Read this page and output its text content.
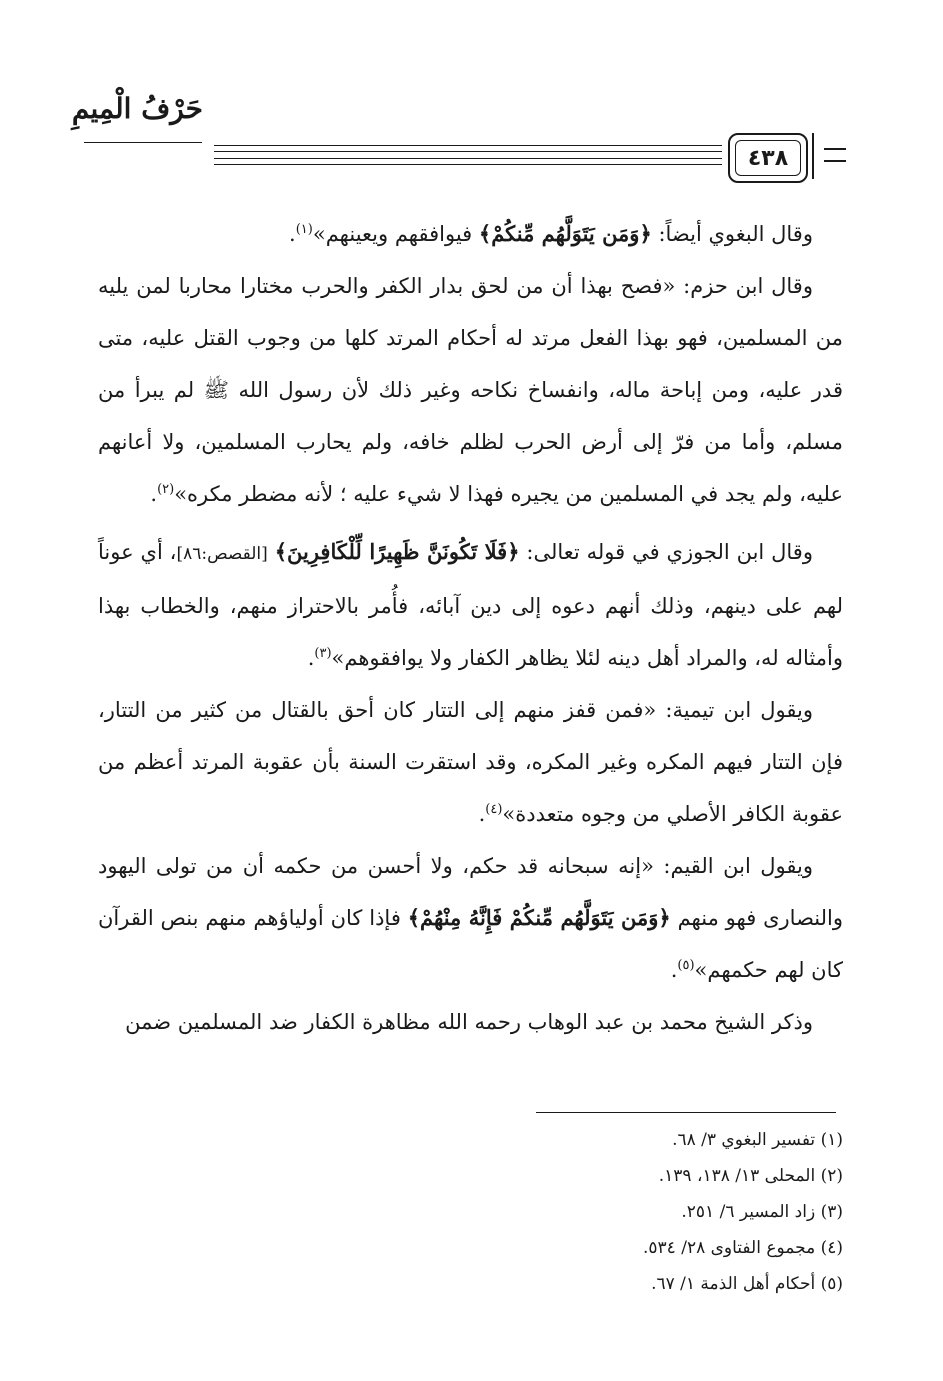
حَرْفُ الْمِيمِ
٤٣٨

وقال البغوي أيضاً: ﴿وَمَن يَتَوَلَّهُم مِّنكُمْ﴾ فيوافقهم ويعينهم»$^{(١)}$.

وقال ابن حزم: «فصح بهذا أن من لحق بدار الكفر والحرب مختارا محاربا لمن يليه من المسلمين، فهو بهذا الفعل مرتد له أحكام المرتد كلها من وجوب القتل عليه، متى قدر عليه، ومن إباحة ماله، وانفساخ نكاحه وغير ذلك لأن رسول الله ﷺ لم يبرأ من مسلم، وأما من فرّ إلى أرض الحرب لظلم خافه، ولم يحارب المسلمين، ولا أعانهم عليه، ولم يجد في المسلمين من يجيره فهذا لا شيء عليه ؛ لأنه مضطر مكره»$^{(٢)}$.

وقال ابن الجوزي في قوله تعالى: ﴿فَلَا تَكُونَنَّ ظَهِيرًا لِّلْكَافِرِينَ﴾ [القصص:٨٦]، أي عوناً لهم على دينهم، وذلك أنهم دعوه إلى دين آبائه، فأُمر بالاحتراز منهم، والخطاب بهذا وأمثاله له، والمراد أهل دينه لئلا يظاهر الكفار ولا يوافقوهم»$^{(٣)}$.

ويقول ابن تيمية: «فمن قفز منهم إلى التتار كان أحق بالقتال من كثير من التتار، فإن التتار فيهم المكره وغير المكره، وقد استقرت السنة بأن عقوبة المرتد أعظم من عقوبة الكافر الأصلي من وجوه متعددة»$^{(٤)}$.

ويقول ابن القيم: «إنه سبحانه قد حكم، ولا أحسن من حكمه أن من تولى اليهود والنصارى فهو منهم ﴿وَمَن يَتَوَلَّهُم مِّنكُمْ فَإِنَّهُ مِنْهُمْ﴾ فإذا كان أولياؤهم منهم بنص القرآن كان لهم حكمهم»$^{(٥)}$.

وذكر الشيخ محمد بن عبد الوهاب رحمه الله مظاهرة الكفار ضد المسلمين ضمن

(١) تفسير البغوي ٣/ ٦٨.
(٢) المحلى ١٣/ ١٣٨، ١٣٩.
(٣) زاد المسير ٦/ ٢٥١.
(٤) مجموع الفتاوى ٢٨/ ٥٣٤.
(٥) أحكام أهل الذمة ١/ ٦٧.
